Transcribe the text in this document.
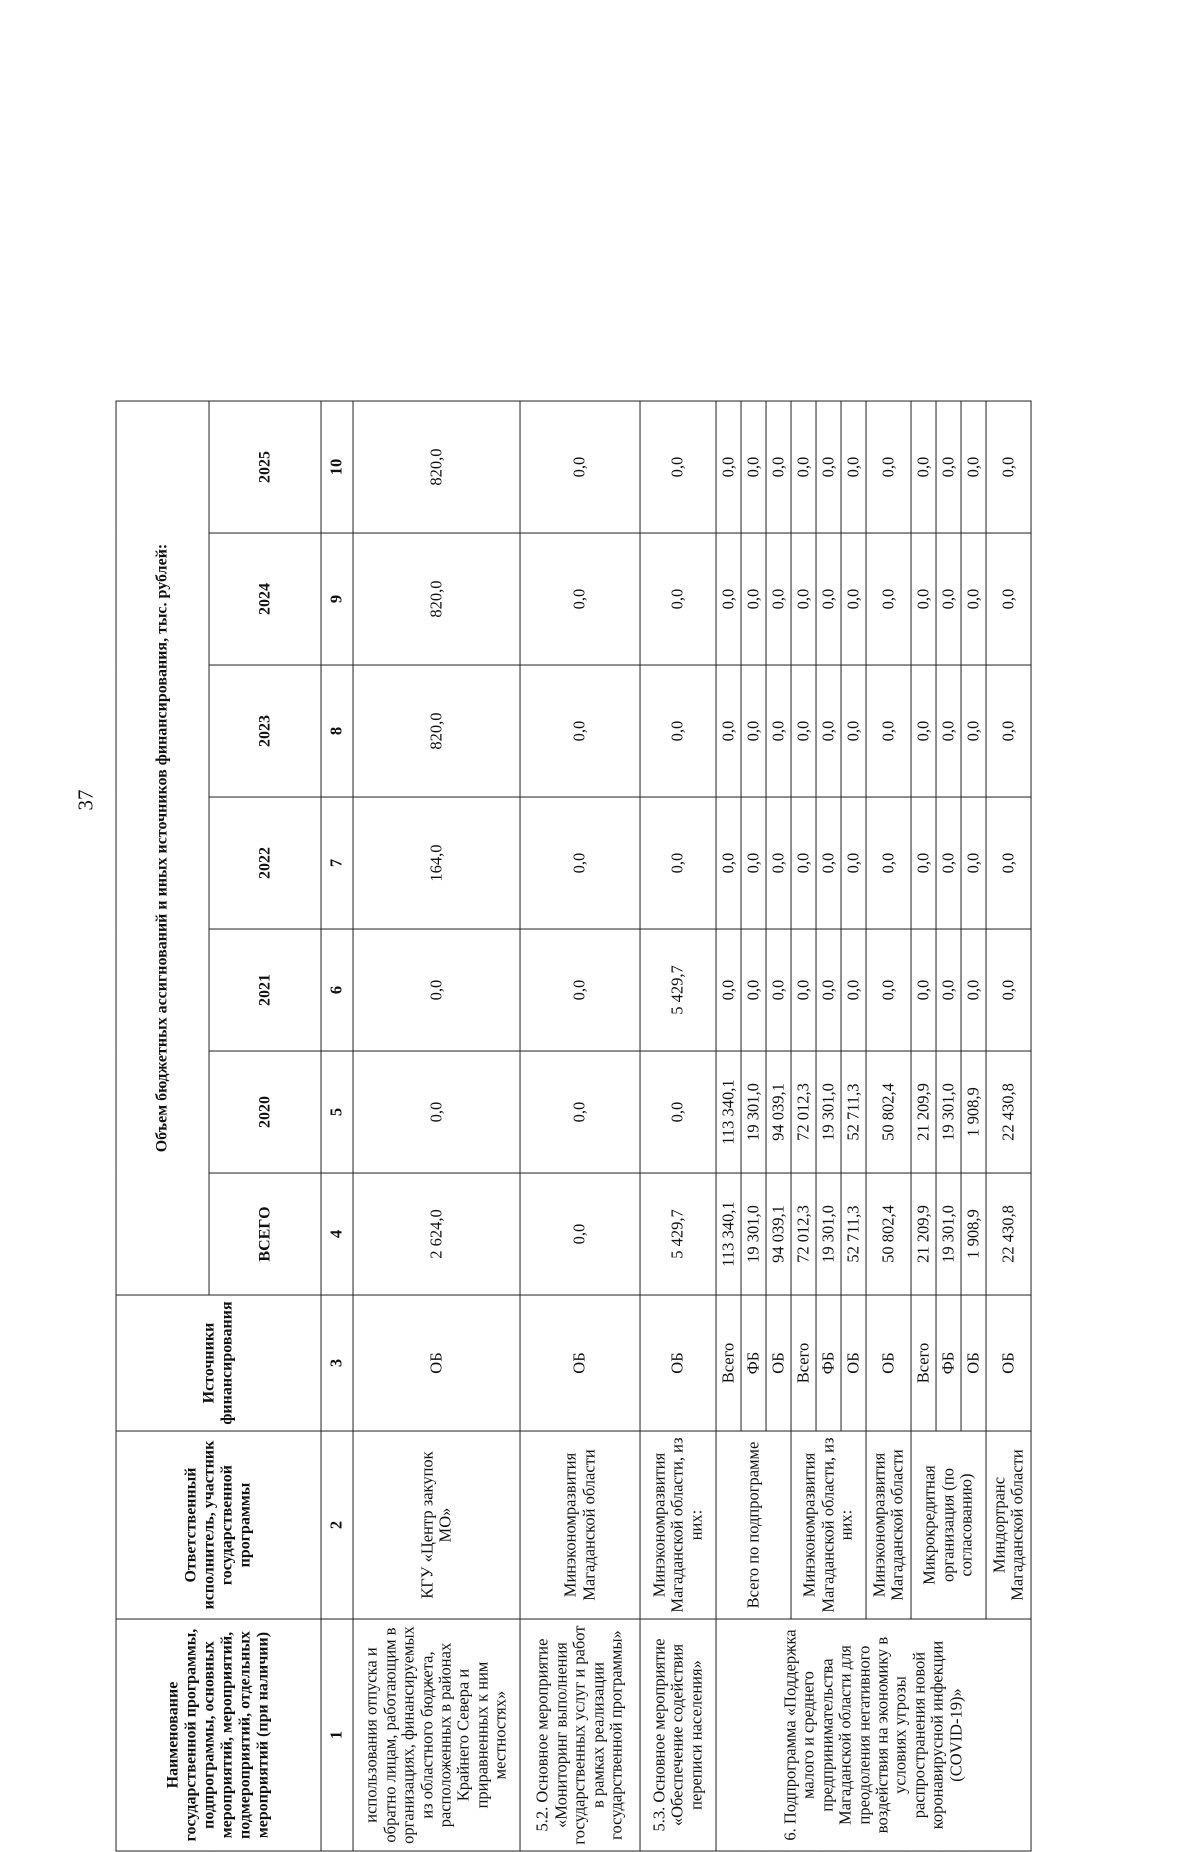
37
Наименование государственной программы, подпрограммы, основных мероприятий, мероприятий, подмероприятий, отдельных мероприятий (при наличии)	Ответственный исполнитель, участник государственной программы	Источники финансирования	Объем бюджетных ассигнований и иных источников финансирования, тыс. рублей:						
			ВСЕГО	2020	2021	2022	2023	2024	2025
1	2	3	4	5	6	7	8	9	10
использования отпуска и обратно лицам, работающим в организациях, финансируемых из областного бюджета, расположенных в районах Крайнего Севера и приравненных к ним местностях»	КГУ «Центр закупок МО»	ОБ	2 624,0	0,0	0,0	164,0	820,0	820,0	820,0
5.2. Основное мероприятие «Мониторинг выполнения государственных услуг и работ в рамках реализации государственной программы»	Минэкономразвития Магаданской области	ОБ	0,0	0,0	0,0	0,0	0,0	0,0	0,0
5.3. Основное мероприятие «Обеспечение содействия переписи населения»	Минэкономразвития Магаданской области, из них:	ОБ	5 429,7	0,0	5 429,7	0,0	0,0	0,0	0,0
6. Подпрограмма «Поддержка малого и среднего предпринимательства Магаданской области для преодоления негативного воздействия на экономику в условиях угрозы распространения новой коронавирусной инфекции (COVID-19)»	Всего по подпрограмме	Всего	113 340,1	113 340,1	0,0	0,0	0,0	0,0	0,0
		ФБ	19 301,0	19 301,0	0,0	0,0	0,0	0,0	0,0
		ОБ	94 039,1	94 039,1	0,0	0,0	0,0	0,0	0,0
	Минэкономразвития Магаданской области, из них:	Всего	72 012,3	72 012,3	0,0	0,0	0,0	0,0	0,0
		ФБ	19 301,0	19 301,0	0,0	0,0	0,0	0,0	0,0
		ОБ	52 711,3	52 711,3	0,0	0,0	0,0	0,0	0,0
	Минэкономразвития Магаданской области	ОБ	50 802,4	50 802,4	0,0	0,0	0,0	0,0	0,0
	Микрокредитная организация (по согласованию)	Всего	21 209,9	21 209,9	0,0	0,0	0,0	0,0	0,0
		ФБ	19 301,0	19 301,0	0,0	0,0	0,0	0,0	0,0
		ОБ	1 908,9	1 908,9	0,0	0,0	0,0	0,0	0,0
	Миндортранс Магаданской области	ОБ	22 430,8	22 430,8	0,0	0,0	0,0	0,0	0,0
